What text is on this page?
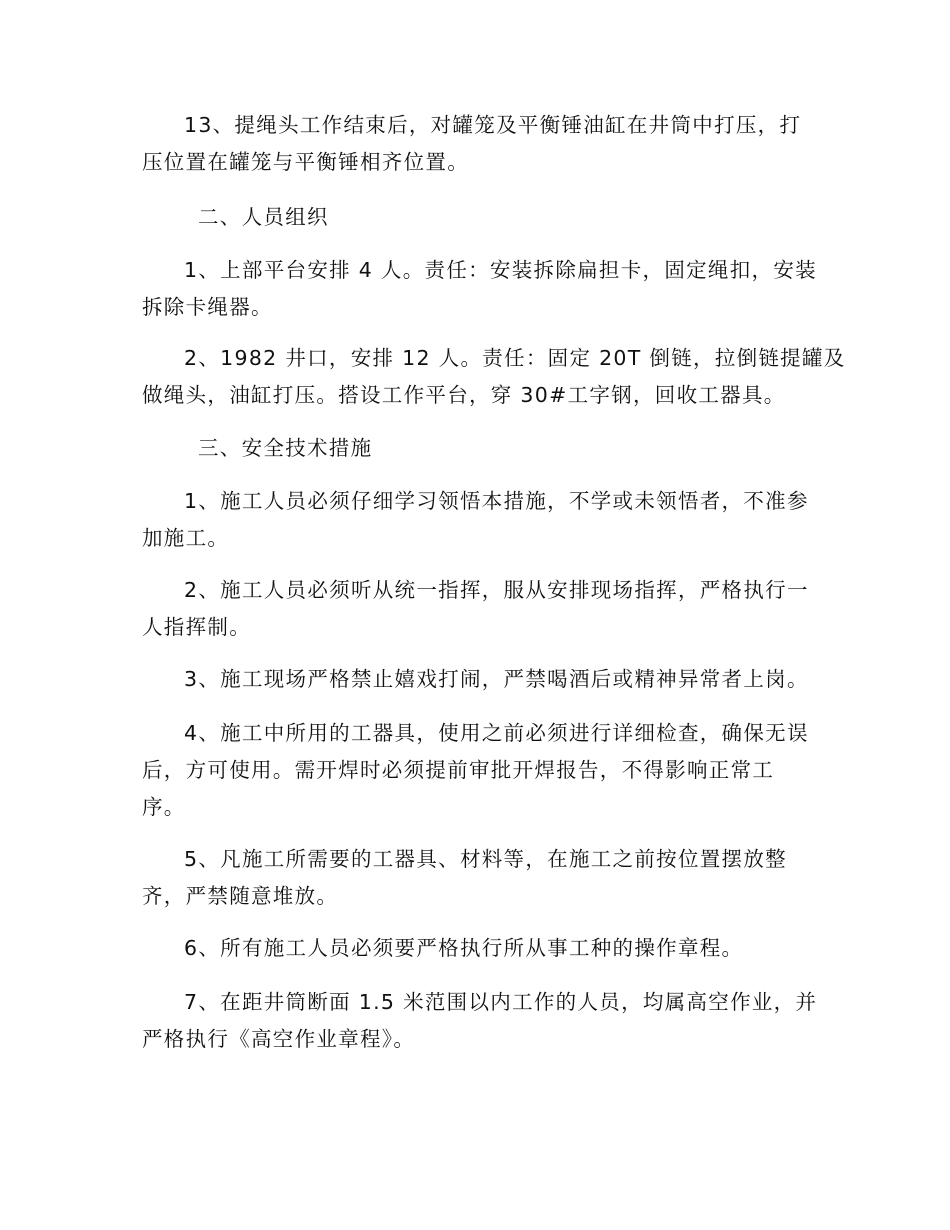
13、提绳头工作结束后，对罐笼及平衡锤油缸在井筒中打压，打
压位置在罐笼与平衡锤相齐位置。

二、人员组织

1、上部平台安排 4 人。责任：安装拆除扁担卡，固定绳扣，安装
拆除卡绳器。

2、1982 井口，安排 12 人。责任：固定 20T 倒链，拉倒链提罐及
做绳头，油缸打压。搭设工作平台，穿 30#工字钢，回收工器具。

三、安全技术措施

1、施工人员必须仔细学习领悟本措施，不学或未领悟者，不准参
加施工。

2、施工人员必须听从统一指挥，服从安排现场指挥，严格执行一
人指挥制。

3、施工现场严格禁止嬉戏打闹，严禁喝酒后或精神异常者上岗。

4、施工中所用的工器具，使用之前必须进行详细检查，确保无误
后，方可使用。需开焊时必须提前审批开焊报告，不得影响正常工
序。

5、凡施工所需要的工器具、材料等，在施工之前按位置摆放整
齐，严禁随意堆放。

6、所有施工人员必须要严格执行所从事工种的操作章程。

7、在距井筒断面 1.5 米范围以内工作的人员，均属高空作业，并
严格执行《高空作业章程》。
